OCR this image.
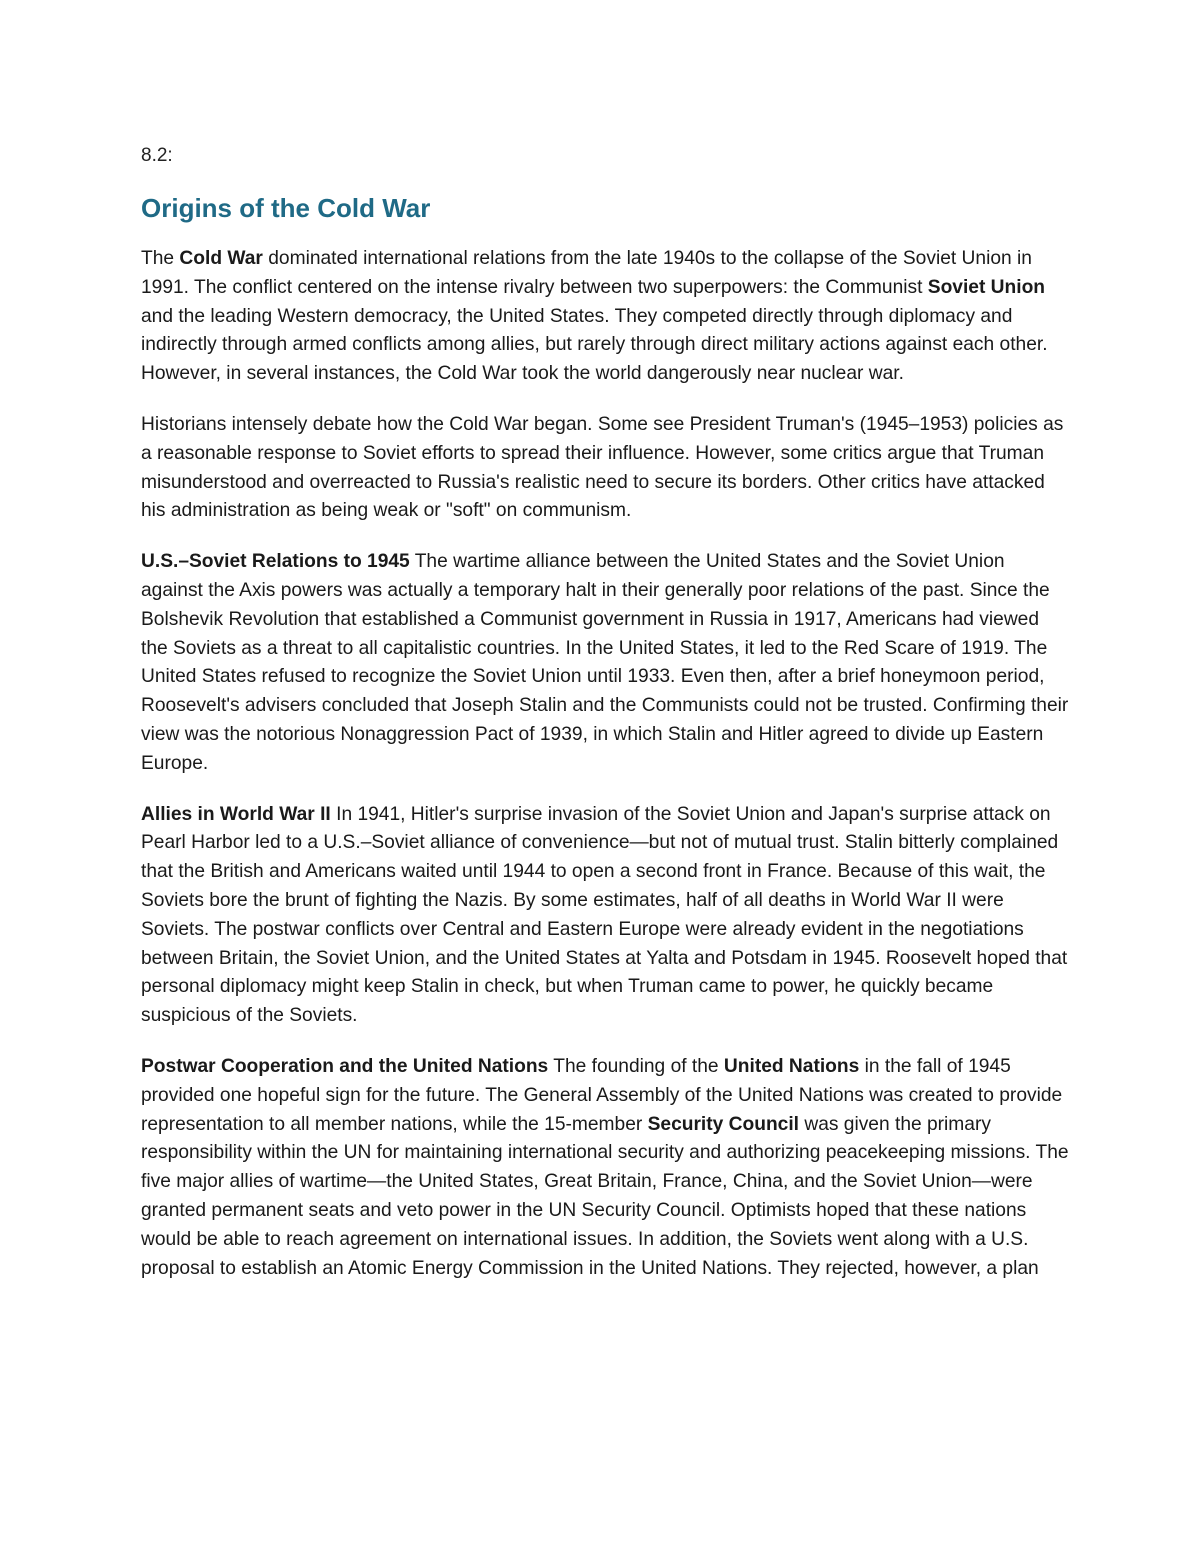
8.2:

Origins of the Cold War

The Cold War dominated international relations from the late 1940s to the collapse of the Soviet Union in 1991. The conflict centered on the intense rivalry between two superpowers: the Communist Soviet Union and the leading Western democracy, the United States. They competed directly through diplomacy and indirectly through armed conflicts among allies, but rarely through direct military actions against each other. However, in several instances, the Cold War took the world dangerously near nuclear war.

Historians intensely debate how the Cold War began. Some see President Truman's (1945–1953) policies as a reasonable response to Soviet efforts to spread their influence. However, some critics argue that Truman misunderstood and overreacted to Russia's realistic need to secure its borders. Other critics have attacked his administration as being weak or "soft" on communism.

U.S.–Soviet Relations to 1945 The wartime alliance between the United States and the Soviet Union against the Axis powers was actually a temporary halt in their generally poor relations of the past. Since the Bolshevik Revolution that established a Communist government in Russia in 1917, Americans had viewed the Soviets as a threat to all capitalistic countries. In the United States, it led to the Red Scare of 1919. The United States refused to recognize the Soviet Union until 1933. Even then, after a brief honeymoon period, Roosevelt's advisers concluded that Joseph Stalin and the Communists could not be trusted. Confirming their view was the notorious Nonaggression Pact of 1939, in which Stalin and Hitler agreed to divide up Eastern Europe.

Allies in World War II In 1941, Hitler's surprise invasion of the Soviet Union and Japan's surprise attack on Pearl Harbor led to a U.S.–Soviet alliance of convenience—but not of mutual trust. Stalin bitterly complained that the British and Americans waited until 1944 to open a second front in France. Because of this wait, the Soviets bore the brunt of fighting the Nazis. By some estimates, half of all deaths in World War II were Soviets. The postwar conflicts over Central and Eastern Europe were already evident in the negotiations between Britain, the Soviet Union, and the United States at Yalta and Potsdam in 1945. Roosevelt hoped that personal diplomacy might keep Stalin in check, but when Truman came to power, he quickly became suspicious of the Soviets.

Postwar Cooperation and the United Nations The founding of the United Nations in the fall of 1945 provided one hopeful sign for the future. The General Assembly of the United Nations was created to provide representation to all member nations, while the 15-member Security Council was given the primary responsibility within the UN for maintaining international security and authorizing peacekeeping missions. The five major allies of wartime—the United States, Great Britain, France, China, and the Soviet Union—were granted permanent seats and veto power in the UN Security Council. Optimists hoped that these nations would be able to reach agreement on international issues. In addition, the Soviets went along with a U.S. proposal to establish an Atomic Energy Commission in the United Nations. They rejected, however, a plan
